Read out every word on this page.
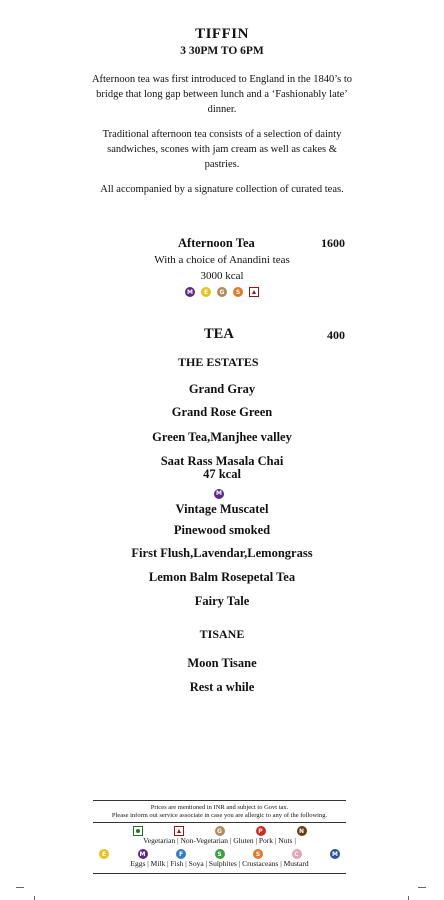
TIFFIN
3 30PM TO 6PM
Afternoon tea was first introduced to England in the 1840’s to bridge that long gap between lunch and a ‘Fashionably late’ dinner.
Traditional afternoon tea consists of a selection of dainty sandwiches, scones with jam cream as well as cakes & pastries.
All accompanied by a signature collection of curated teas.
Afternoon Tea	1600
With a choice of Anandini teas
3000 kcal
M	E	G	S
TEA	400
THE ESTATES
Grand Gray
Grand Rose Green
Green Tea,Manjhee valley
Saat Rass Masala Chai
47 kcal
M
Vintage Muscatel
Pinewood smoked
First Flush,Lavendar,Lemongrass
Lemon Balm Rosepetal Tea
Fairy Tale
TISANE
Moon Tisane
Rest a while
Prices are mentioned in INR and subject to Govt tax.
Please inform out service associate in case you are allergic to any of the following.
G	P	N
Vegetarian | Non-Vegetarian | Gluten | Pork | Nuts |
E	M	F	S	S	C	M
Eggs | Milk | Fish | Soya | Sulphites | Crustaceans | Mustard
